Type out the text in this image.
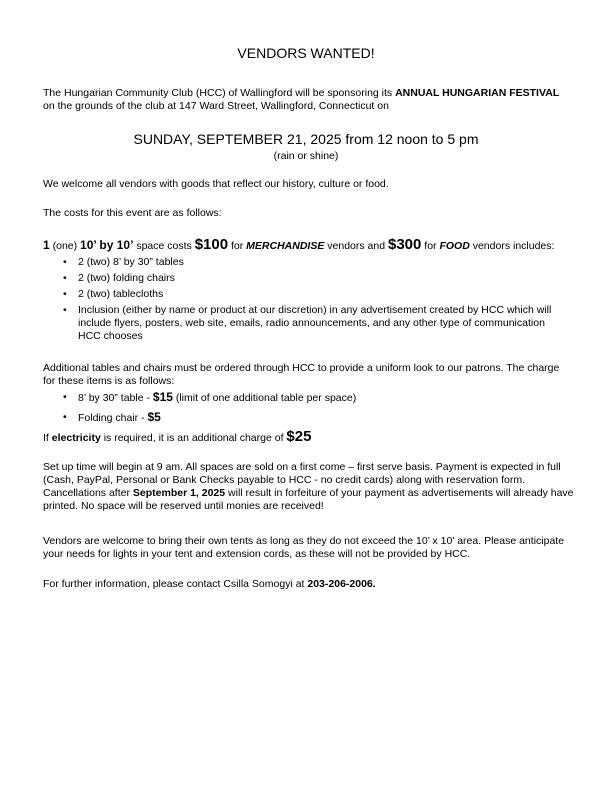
VENDORS WANTED!
The Hungarian Community Club (HCC) of Wallingford will be sponsoring its ANNUAL HUNGARIAN FESTIVAL on the grounds of the club at 147 Ward Street, Wallingford, Connecticut on
SUNDAY, SEPTEMBER 21, 2025 from 12 noon to 5 pm
(rain or shine)
We welcome all vendors with goods that reflect our history, culture or food.
The costs for this event are as follows:
1 (one) 10’ by 10’ space costs $100 for MERCHANDISE vendors and $300 for FOOD vendors includes:
• 2 (two) 8’ by 30” tables
• 2 (two) folding chairs
• 2 (two) tablecloths
• Inclusion (either by name or product at our discretion) in any advertisement created by HCC which will include flyers, posters, web site, emails, radio announcements, and any other type of communication HCC chooses
Additional tables and chairs must be ordered through HCC to provide a uniform look to our patrons. The charge for these items is as follows:
• 8’ by 30” table - $15 (limit of one additional table per space)
• Folding chair - $5
If electricity is required, it is an additional charge of $25
Set up time will begin at 9 am. All spaces are sold on a first come – first serve basis. Payment is expected in full (Cash, PayPal, Personal or Bank Checks payable to HCC - no credit cards) along with reservation form. Cancellations after September 1, 2025 will result in forfeiture of your payment as advertisements will already have printed. No space will be reserved until monies are received!
Vendors are welcome to bring their own tents as long as they do not exceed the 10’ x 10’ area. Please anticipate your needs for lights in your tent and extension cords, as these will not be provided by HCC.
For further information, please contact Csilla Somogyi at 203-206-2006.
